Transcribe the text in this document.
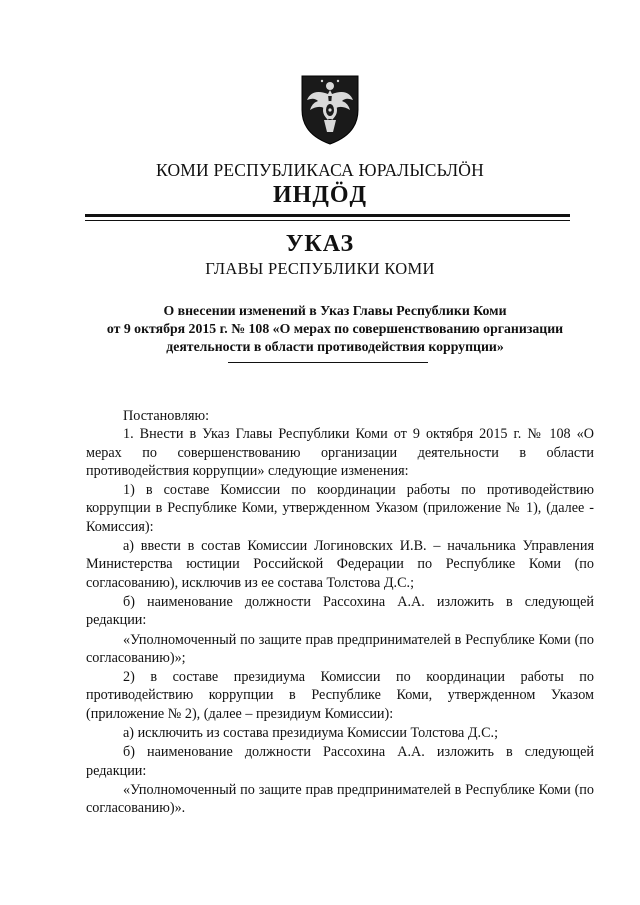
КОМИ РЕСПУБЛИКАСА ЮРАЛЫСЬЛӦН
ИНДӦД
УКАЗ
ГЛАВЫ РЕСПУБЛИКИ КОМИ
О внесении изменений в Указ Главы Республики Коми
от 9 октября 2015 г. № 108 «О мерах по совершенствованию организации
деятельности в области противодействия коррупции»

Постановляю:

1. Внести в Указ Главы Республики Коми от 9 октября 2015 г. № 108 «О мерах по совершенствованию организации деятельности в области противодействия коррупции» следующие изменения:

1) в составе Комиссии по координации работы по противодействию коррупции в Республике Коми, утвержденном Указом (приложение № 1), (далее - Комиссия):

а) ввести в состав Комиссии Логиновских И.В. – начальника Управления Министерства юстиции Российской Федерации по Республике Коми (по согласованию), исключив из ее состава Толстова Д.С.;

б) наименование должности Рассохина А.А. изложить в следующей редакции:

«Уполномоченный по защите прав предпринимателей в Республике Коми (по согласованию)»;

2) в составе президиума Комиссии по координации работы по противодействию коррупции в Республике Коми, утвержденном Указом (приложение № 2), (далее – президиум Комиссии):

а) исключить из состава президиума Комиссии Толстова Д.С.;

б) наименование должности Рассохина А.А. изложить в следующей редакции:

«Уполномоченный по защите прав предпринимателей в Республике Коми (по согласованию)».
